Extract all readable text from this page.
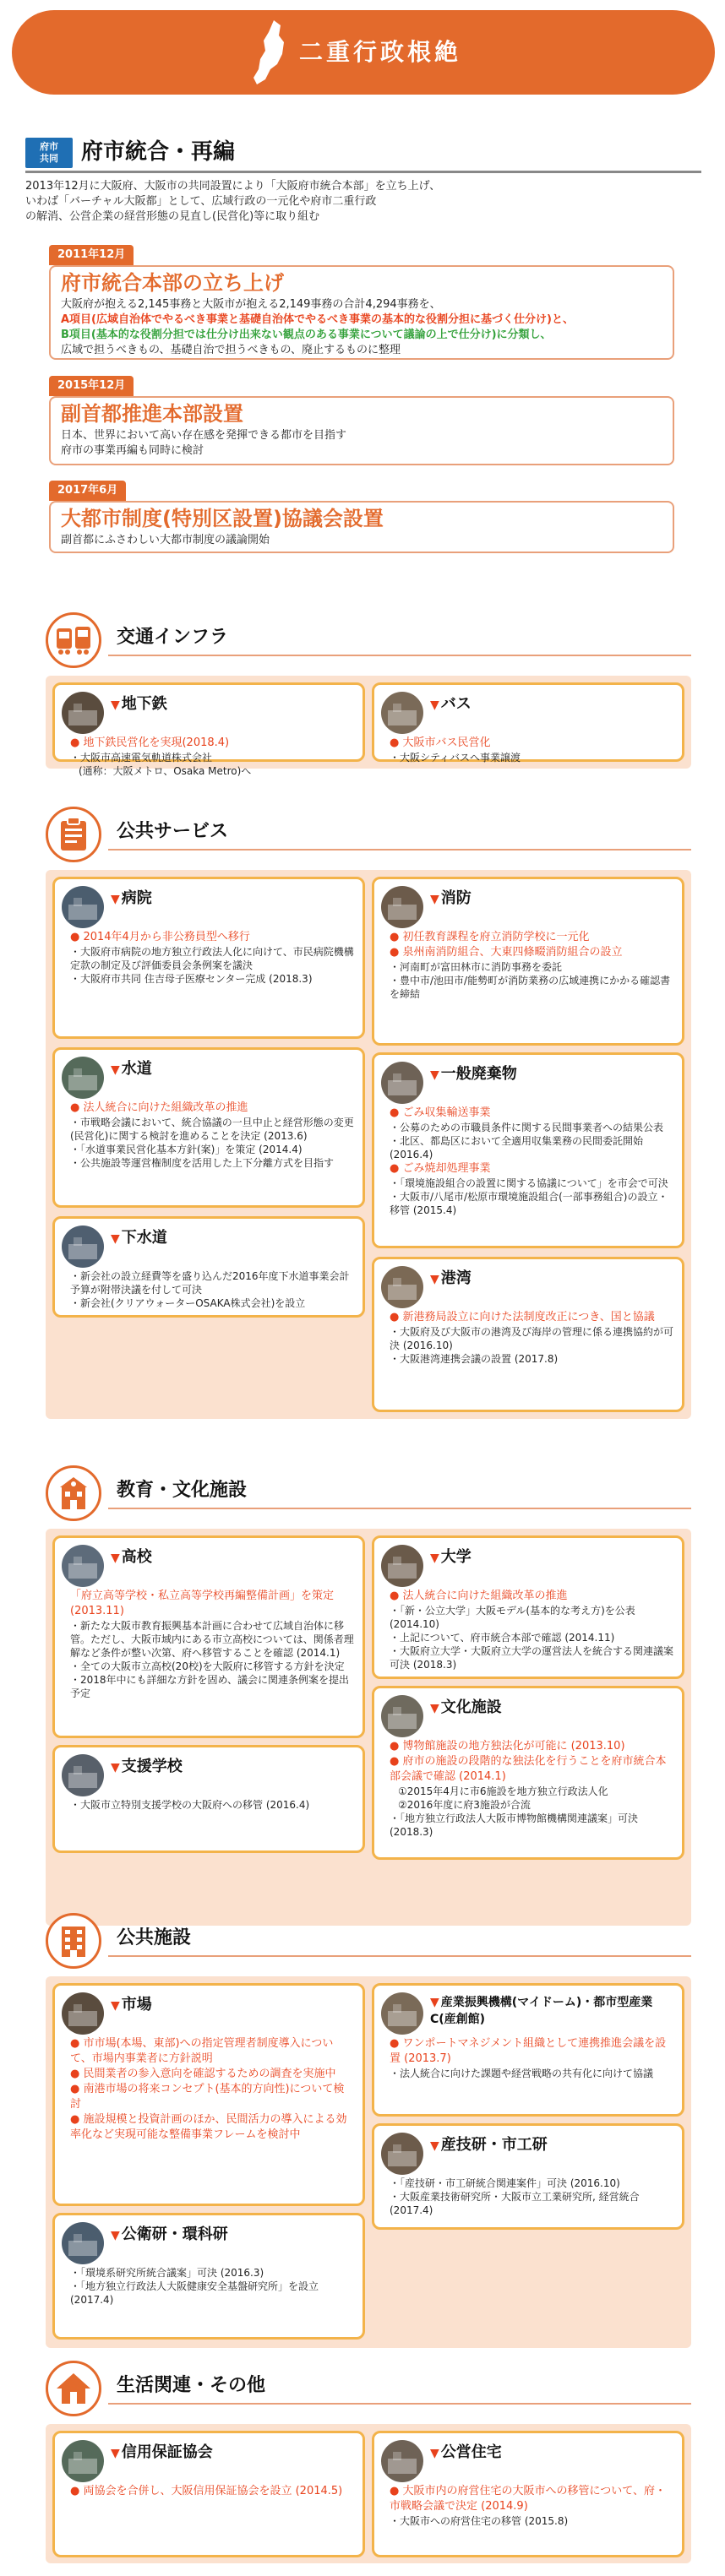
二重行政根絶
府市
共同	府市統合・再編
2013年12月に大阪府、大阪市の共同設置により「大阪府市統合本部」を立ち上げ、
いわば「バーチャル大阪都」として、広域行政の一元化や府市二重行政
の解消、公営企業の経営形態の見直し(民営化)等に取り組む
2011年12月
府市統合本部の立ち上げ
大阪府が抱える2,145事務と大阪市が抱える2,149事務の合計4,294事務を、
A項目(広域自治体でやるべき事業と基礎自治体でやるべき事業の基本的な役割分担に基づく仕分け)と、
B項目(基本的な役割分担では仕分け出来ない観点のある事業について議論の上で仕分け)に分類し、
広域で担うべきもの、基礎自治で担うべきもの、廃止するものに整理
2015年12月
副首都推進本部設置
日本、世界において高い存在感を発揮できる都市を目指す
府市の事業再編も同時に検討
2017年6月
大都市制度(特別区設置)協議会設置
副首都にふさわしい大都市制度の議論開始
交通インフラ
▼ 地下鉄
● 地下鉄民営化を実現(2018.4)
・大阪市高速電気軌道株式会社
(通称：大阪メトロ、Osaka Metro)へ
▼ バス
● 大阪市バス民営化
・大阪シティバスへ事業譲渡
公共サービス
▼ 病院
● 2014年4月から非公務員型へ移行
・大阪府市病院の地方独立行政法人化に向けて、市民病院機構定款の制定及び評価委員会条例案を議決
・大阪府市共同 住吉母子医療センター完成 (2018.3)
▼ 消防
● 初任教育課程を府立消防学校に一元化
● 泉州南消防組合、大東四條畷消防組合の設立
・河南町が富田林市に消防事務を委託
・豊中市/池田市/能勢町が消防業務の広域連携にかかる確認書を締結
▼ 水道
● 法人統合に向けた組織改革の推進
・市戦略会議において、統合協議の一旦中止と経営形態の変更(民営化)に関する検討を進めることを決定 (2013.6)
・「水道事業民営化基本方針(案)」を策定 (2014.4)
・公共施設等運営権制度を活用した上下分離方式を目指す
▼ 一般廃棄物
● ごみ収集輸送事業
・公募のための市職員条件に関する民間事業者への結果公表
・北区、都島区において全適用収集業務の民間委託開始 (2016.4)
● ごみ焼却処理事業
・「環境施設組合の設置に関する協議について」を市会で可決
・大阪市/八尾市/松原市環境施設組合(一部事務組合)の設立・移管 (2015.4)
▼ 下水道
・新会社の設立経費等を盛り込んだ2016年度下水道事業会計予算が附帯決議を付して可決
・新会社(クリアウォーターOSAKA株式会社)を設立
▼ 港湾
● 新港務局設立に向けた法制度改正につき、国と協議
・大阪府及び大阪市の港湾及び海岸の管理に係る連携協約が可決 (2016.10)
・大阪港湾連携会議の設置 (2017.8)
教育・文化施設
▼ 高校
「府立高等学校・私立高等学校再編整備計画」を策定 (2013.11)
・新たな大阪市教育振興基本計画に合わせて広域自治体に移管。ただし、大阪市域内にある市立高校については、関係者理解など条件が整い次第、府へ移管することを確認 (2014.1)
・全ての大阪市立高校(20校)を大阪府に移管する方針を決定
・2018年中にも詳細な方針を固め、議会に関連条例案を提出予定
▼ 大学
● 法人統合に向けた組織改革の推進
・「新・公立大学」大阪モデル(基本的な考え方)を公表 (2014.10)
・上記について、府市統合本部で確認 (2014.11)
・大阪府立大学・大阪府立大学の運営法人を統合する関連議案可決 (2018.3)
▼ 支援学校
・大阪市立特別支援学校の大阪府への移管 (2016.4)
▼ 文化施設
● 博物館施設の地方独法化が可能に (2013.10)
● 府市の施設の段階的な独法化を行うことを府市統合本部会議で確認 (2014.1)
①2015年4月に市6施設を地方独立行政法人化
②2016年度に府3施設が合流
・「地方独立行政法人大阪市博物館機構関連議案」可決 (2018.3)
公共施設
▼ 市場
● 市市場(本場、東部)への指定管理者制度導入について、市場内事業者に方針説明
● 民間業者の参入意向を確認するための調査を実施中
● 南港市場の将来コンセプト(基本的方向性)について検討
● 施設規模と投資計画のほか、民間活力の導入による効率化など実現可能な整備事業フレームを検討中
▼ 産業振興機構(マイドーム)・都市型産業C(産創館)
● ワンポートマネジメント組織として連携推進会議を設置 (2013.7)
・法人統合に向けた課題や経営戦略の共有化に向けて協議
▼ 公衛研・環科研
・「環境系研究所統合議案」可決 (2016.3)
・「地方独立行政法人大阪健康安全基盤研究所」を設立 (2017.4)
▼ 産技研・市工研
・「産技研・市工研統合関連案件」可決 (2016.10)
・大阪産業技術研究所・大阪市立工業研究所, 経営統合 (2017.4)
生活関連・その他
▼ 信用保証協会
● 両協会を合併し、大阪信用保証協会を設立 (2014.5)
▼ 公営住宅
● 大阪市内の府営住宅の大阪市への移管について、府・市戦略会議で決定 (2014.9)
・大阪市への府営住宅の移管 (2015.8)
